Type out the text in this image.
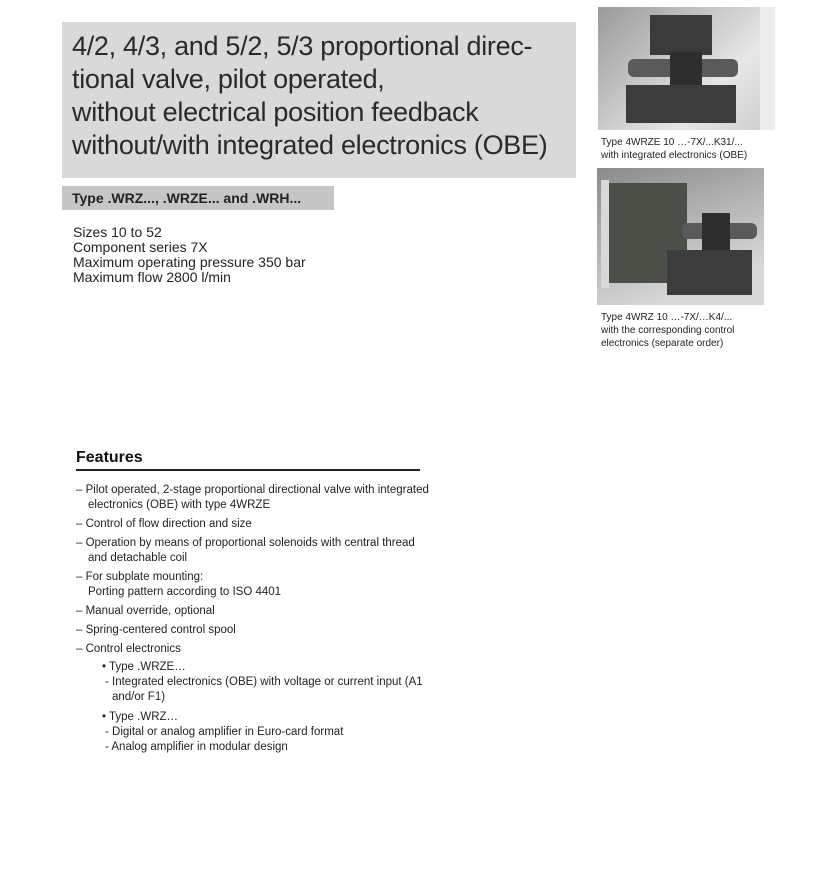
4/2, 4/3, and 5/2, 5/3 proportional direc-
tional valve, pilot operated,
without electrical position feedback
without/with integrated electronics (OBE)
Type .WRZ..., .WRZE... and .WRH...
Sizes 10 to 52
Component series 7X
Maximum operating pressure 350 bar
Maximum flow 2800 l/min
Type 4WRZE 10 …-7X/...K31/...
with integrated electronics (OBE)
Type 4WRZ 10 …-7X/…K4/...
with the corresponding control
electronics (separate order)
Features
– Pilot operated, 2-stage proportional directional valve with integrated electronics (OBE) with type 4WRZE
– Control of flow direction and size
– Operation by means of proportional solenoids with central thread and detachable coil
– For subplate mounting:
Porting pattern according to ISO 4401
– Manual override, optional
– Spring-centered control spool
– Control electronics
• Type .WRZE…
- Integrated electronics (OBE) with voltage or current input (A1 and/or F1)
• Type .WRZ…
- Digital or analog amplifier in Euro-card format
- Analog amplifier in modular design
